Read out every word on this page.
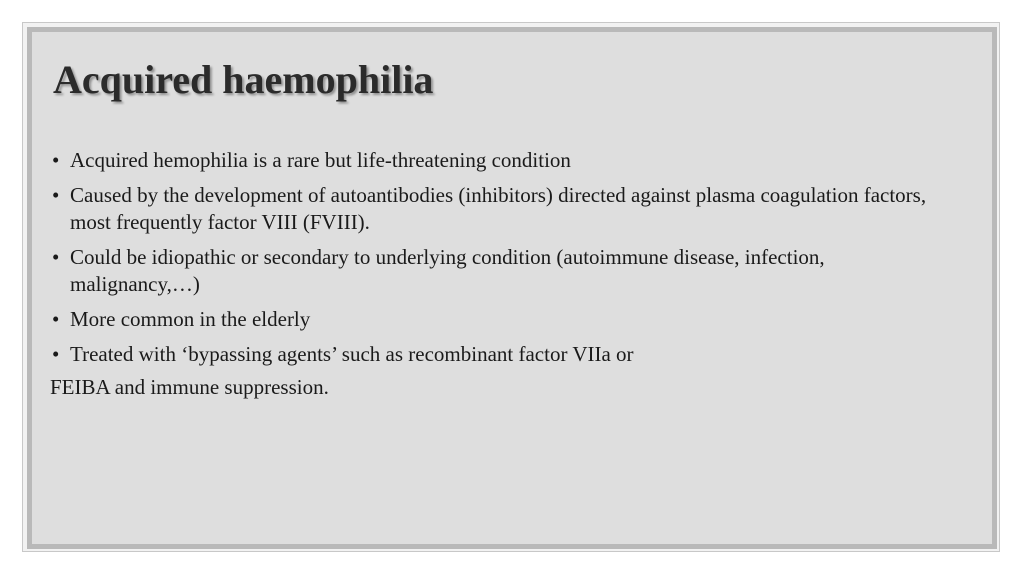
Acquired haemophilia
• Acquired hemophilia is a rare but life-threatening condition
• Caused by the development of autoantibodies (inhibitors) directed against plasma coagulation factors, most frequently factor VIII (FVIII).
• Could be idiopathic or secondary to underlying condition (autoimmune disease, infection, malignancy,…)
• More common in the elderly
• Treated with ‘bypassing agents’ such as recombinant factor VIIa or

FEIBA and immune suppression.
